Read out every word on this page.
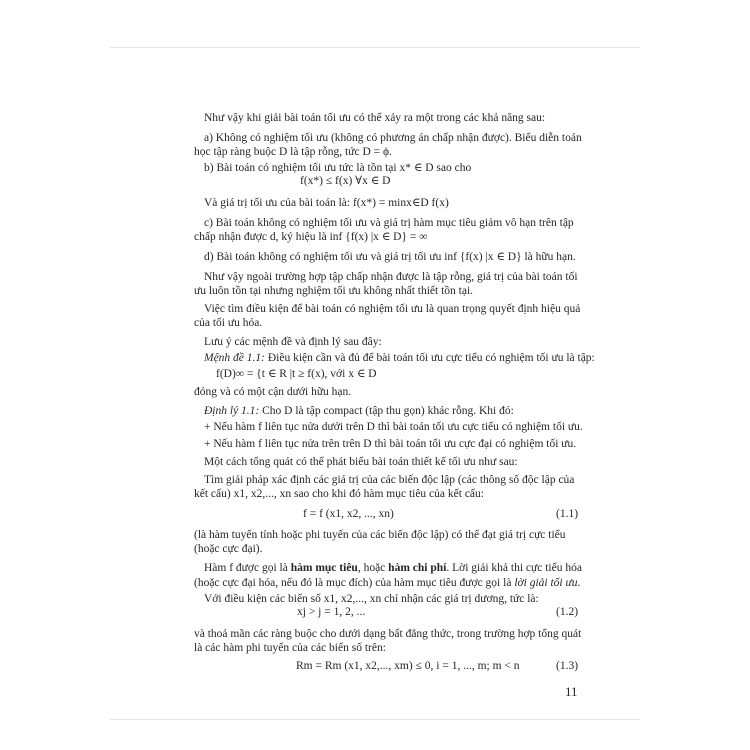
Như vậy khi giải bài toán tối ưu có thể xảy ra một trong các khả năng sau:
a) Không có nghiệm tối ưu (không có phương án chấp nhận được). Biểu diễn toán
học tập ràng buộc D là tập rỗng, tức D = ϕ.
b) Bài toán có nghiệm tối ưu tức là tồn tại x* ∈ D sao cho
f(x*) ≤ f(x) ∀x ∈ D
Và giá trị tối ưu của bài toán là: f(x*) = minx∈D f(x)
c) Bài toán không có nghiệm tối ưu và giá trị hàm mục tiêu giảm vô hạn trên tập
chấp nhận được d, ký hiệu là inf {f(x) |x ∈ D} = ∞
d) Bài toán không có nghiệm tối ưu và giá trị tối ưu inf {f(x) |x ∈ D} là hữu hạn.
Như vậy ngoài trường hợp tập chấp nhận được là tập rỗng, giá trị của bài toán tối
ưu luôn tồn tại nhưng nghiệm tối ưu không nhất thiết tồn tại.
Việc tìm điều kiện để bài toán có nghiệm tối ưu là quan trọng quyết định hiệu quả
của tối ưu hóa.
Lưu ý các mệnh đề và định lý sau đây:
Mệnh đề 1.1: Điều kiện cần và đủ để bài toán tối ưu cực tiểu có nghiệm tối ưu là tập:
f(D)∞ = {t ∈ R |t ≥ f(x), với x ∈ D
đóng và có một cận dưới hữu hạn.
Định lý 1.1: Cho D là tập compact (tập thu gọn) khác rỗng. Khi đó:
+ Nếu hàm f liên tục nửa dưới trên D thì bài toán tối ưu cực tiểu có nghiệm tối ưu.
+ Nếu hàm f liên tục nửa trên trên D thì bài toán tối ưu cực đại có nghiệm tối ưu.
Một cách tổng quát có thể phát biểu bài toán thiết kế tối ưu như sau:
Tìm giải pháp xác định các giá trị của các biến độc lập (các thông số độc lập của
kết cấu) x1, x2,..., xn sao cho khi đó hàm mục tiêu của kết cấu:
f = f (x1, x2, ..., xn)	(1.1)
(là hàm tuyến tính hoặc phi tuyến của các biến độc lập) có thể đạt giá trị cực tiểu
(hoặc cực đại).
Hàm f được gọi là hàm mục tiêu, hoặc hàm chi phí. Lời giải khả thi cực tiểu hóa
(hoặc cực đại hóa, nếu đó là mục đích) của hàm mục tiêu được gọi là lời giải tối ưu.
Với điều kiện các biến số x1, x2,..., xn chỉ nhận các giá trị dương, tức là:
xj > j = 1, 2, ...	(1.2)
và thoả mãn các ràng buộc cho dưới dạng bất đẳng thức, trong trường hợp tổng quát
là các hàm phi tuyến của các biến số trên:
Rm = Rm (x1, x2,..., xm) ≤ 0, i = 1, ..., m; m < n	(1.3)
11
